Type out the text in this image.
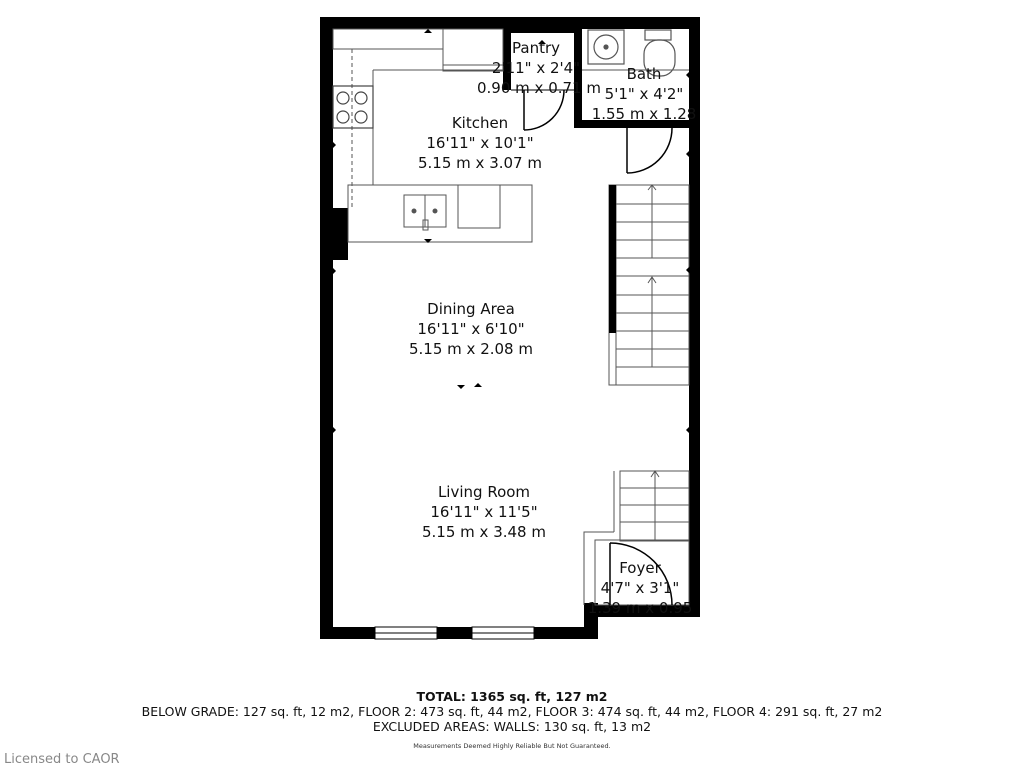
Pantry
2'11" x 2'4"
0.90 m x 0.71 m
Bath
5'1" x 4'2"
1.55 m x 1.28
Kitchen
16'11" x 10'1"
5.15 m x 3.07 m
Dining Area
16'11" x 6'10"
5.15 m x 2.08 m
Living Room
16'11" x 11'5"
5.15 m x 3.48 m
Foyer
4'7" x 3'1"
1.39 m x 0.95
TOTAL: 1365 sq. ft, 127 m2
BELOW GRADE: 127 sq. ft, 12 m2, FLOOR 2: 473 sq. ft, 44 m2, FLOOR 3: 474 sq. ft, 44 m2, FLOOR 4: 291 sq. ft, 27 m2
EXCLUDED AREAS: WALLS: 130 sq. ft, 13 m2
Measurements Deemed Highly Reliable But Not Guaranteed.
Licensed to CAOR
